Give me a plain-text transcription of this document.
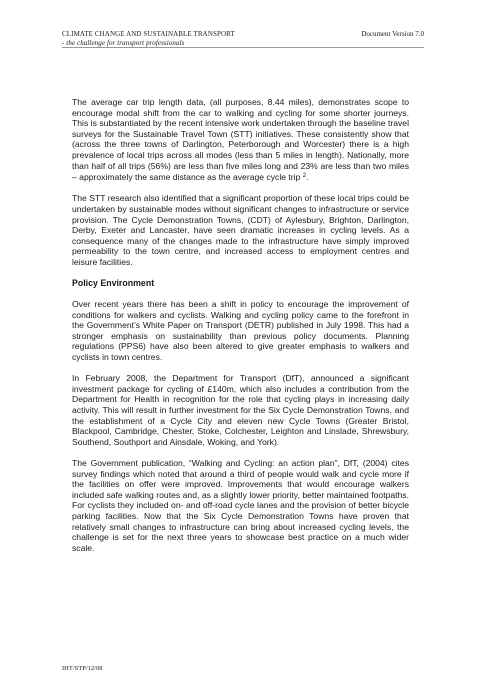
CLIMATE CHANGE AND SUSTAINABLE TRANSPORT
- the challenge for transport professionals
Document Version 7.0

The average car trip length data, (all purposes, 8.44 miles), demonstrates scope to encourage modal shift from the car to walking and cycling for some shorter journeys. This is substantiated by the recent intensive work undertaken through the baseline travel surveys for the Sustainable Travel Town (STT) initiatives. These consistently show that (across the three towns of Darlington, Peterborough and Worcester) there is a high prevalence of local trips across all modes (less than 5 miles in length). Nationally, more than half of all trips (56%) are less than five miles long and 23% are less than two miles – approximately the same distance as the average cycle trip $^2$.

The STT research also identified that a significant proportion of these local trips could be undertaken by sustainable modes without significant changes to infrastructure or service provision. The Cycle Demonstration Towns, (CDT) of Aylesbury, Brighton, Darlington, Derby, Exeter and Lancaster, have seen dramatic increases in cycling levels. As a consequence many of the changes made to the infrastructure have simply improved permeability to the town centre, and increased access to employment centres and leisure facilities.

Policy Environment

Over recent years there has been a shift in policy to encourage the improvement of conditions for walkers and cyclists. Walking and cycling policy came to the forefront in the Government’s White Paper on Transport (DETR) published in July 1998. This had a stronger emphasis on sustainability than previous policy documents. Planning regulations (PPS6) have also been altered to give greater emphasis to walkers and cyclists in town centres.

In February 2008, the Department for Transport (DfT), announced a significant investment package for cycling of £140m, which also includes a contribution from the Department for Health in recognition for the role that cycling plays in increasing daily activity. This will result in further investment for the Six Cycle Demonstration Towns, and the establishment of a Cycle City and eleven new Cycle Towns (Greater Bristol, Blackpool, Cambridge, Chester, Stoke, Colchester, Leighton and Linslade, Shrewsbury, Southend, Southport and Ainsdale, Woking, and York).

The Government publication, “Walking and Cycling: an action plan”, DfT, (2004) cites survey findings which noted that around a third of people would walk and cycle more if the facilities on offer were improved. Improvements that would encourage walkers included safe walking routes and, as a slightly lower priority, better maintained footpaths. For cyclists they included on- and off-road cycle lanes and the provision of better bicycle parking facilities. Now that the Six Cycle Demonstration Towns have proven that relatively small changes to infrastructure can bring about increased cycling levels, the challenge is set for the next three years to showcase best practice on a much wider scale.

IHT/STP/12/08
